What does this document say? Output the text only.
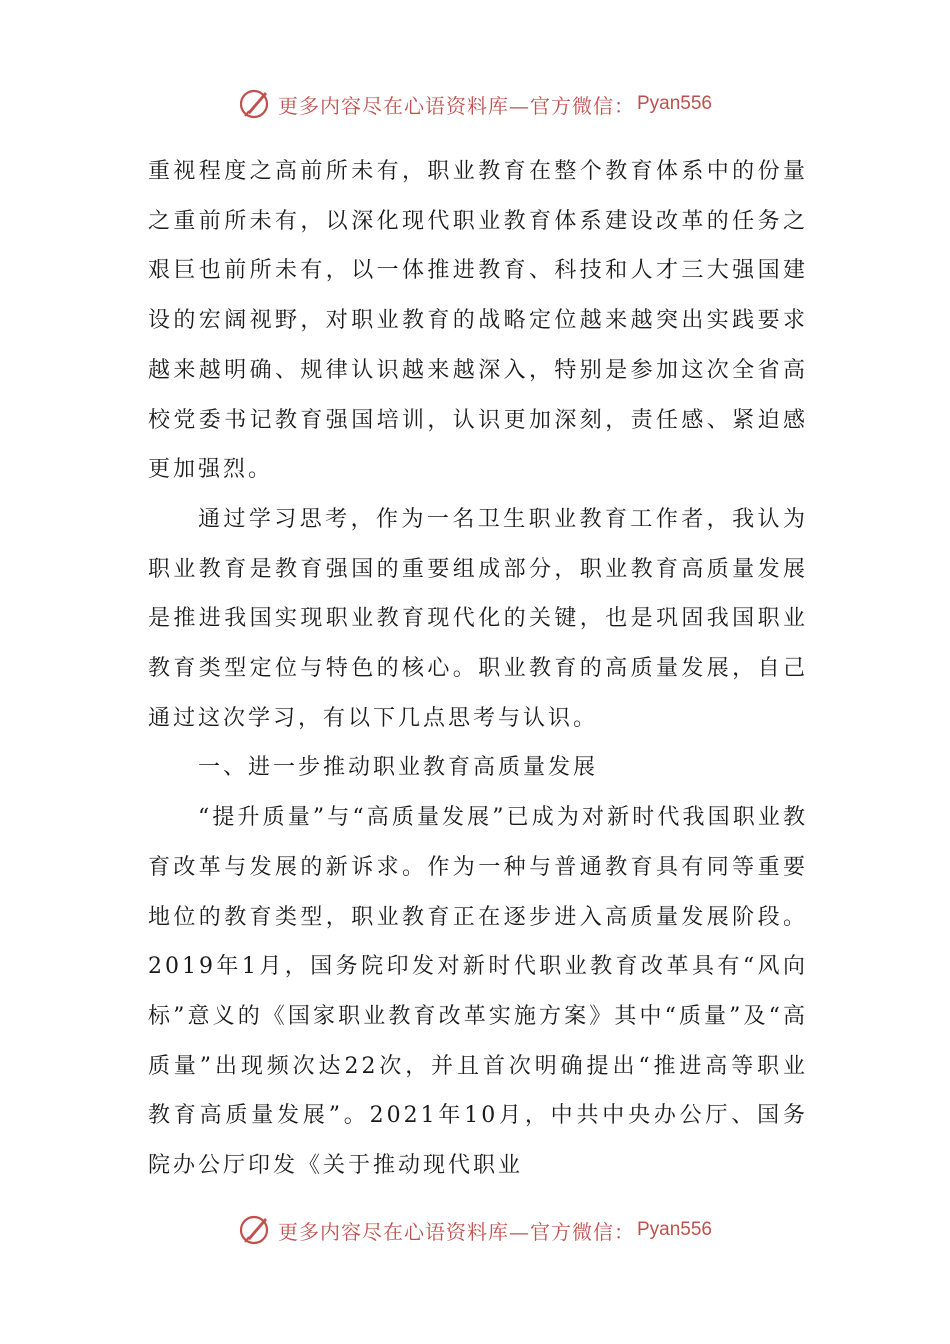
更多内容尽在心语资料库—官方微信： Pyan556

重视程度之高前所未有，职业教育在整个教育体系中的份量之重前所未有，以深化现代职业教育体系建设改革的任务之艰巨也前所未有，以一体推进教育、科技和人才三大强国建设的宏阔视野，对职业教育的战略定位越来越突出实践要求越来越明确、规律认识越来越深入，特别是参加这次全省高校党委书记教育强国培训，认识更加深刻，责任感、紧迫感更加强烈。

通过学习思考，作为一名卫生职业教育工作者，我认为职业教育是教育强国的重要组成部分，职业教育高质量发展是推进我国实现职业教育现代化的关键，也是巩固我国职业教育类型定位与特色的核心。职业教育的高质量发展，自己通过这次学习，有以下几点思考与认识。

一、进一步推动职业教育高质量发展

“提升质量”与“高质量发展”已成为对新时代我国职业教育改革与发展的新诉求。作为一种与普通教育具有同等重要地位的教育类型，职业教育正在逐步进入高质量发展阶段。2019年1月，国务院印发对新时代职业教育改革具有“风向标”意义的《国家职业教育改革实施方案》其中“质量”及“高质量”出现频次达22次，并且首次明确提出“推进高等职业教育高质量发展”。2021年10月，中共中央办公厅、国务院办公厅印发《关于推动现代职业

更多内容尽在心语资料库—官方微信： Pyan556
